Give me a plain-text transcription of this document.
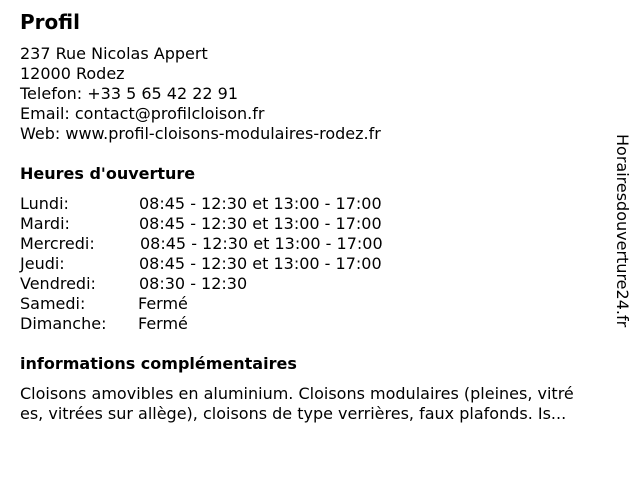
Profil
237 Rue Nicolas Appert
12000 Rodez
Telefon: +33 5 65 42 22 91
Email: contact@profilcloison.fr
Web: www.profil-cloisons-modulaires-rodez.fr
Heures d'ouverture
Lundi:	08:45 - 12:30 et 13:00 - 17:00
Mardi:	08:45 - 12:30 et 13:00 - 17:00
Mercredi:	08:45 - 12:30 et 13:00 - 17:00
Jeudi:	08:45 - 12:30 et 13:00 - 17:00
Vendredi:	08:30 - 12:30
Samedi:	Fermé
Dimanche: Fermé
informations complémentaires
Cloisons amovibles en aluminium. Cloisons modulaires (pleines, vitré
es, vitrées sur allège), cloisons de type verrières, faux plafonds. Is...
Horairesdouverture24.fr
